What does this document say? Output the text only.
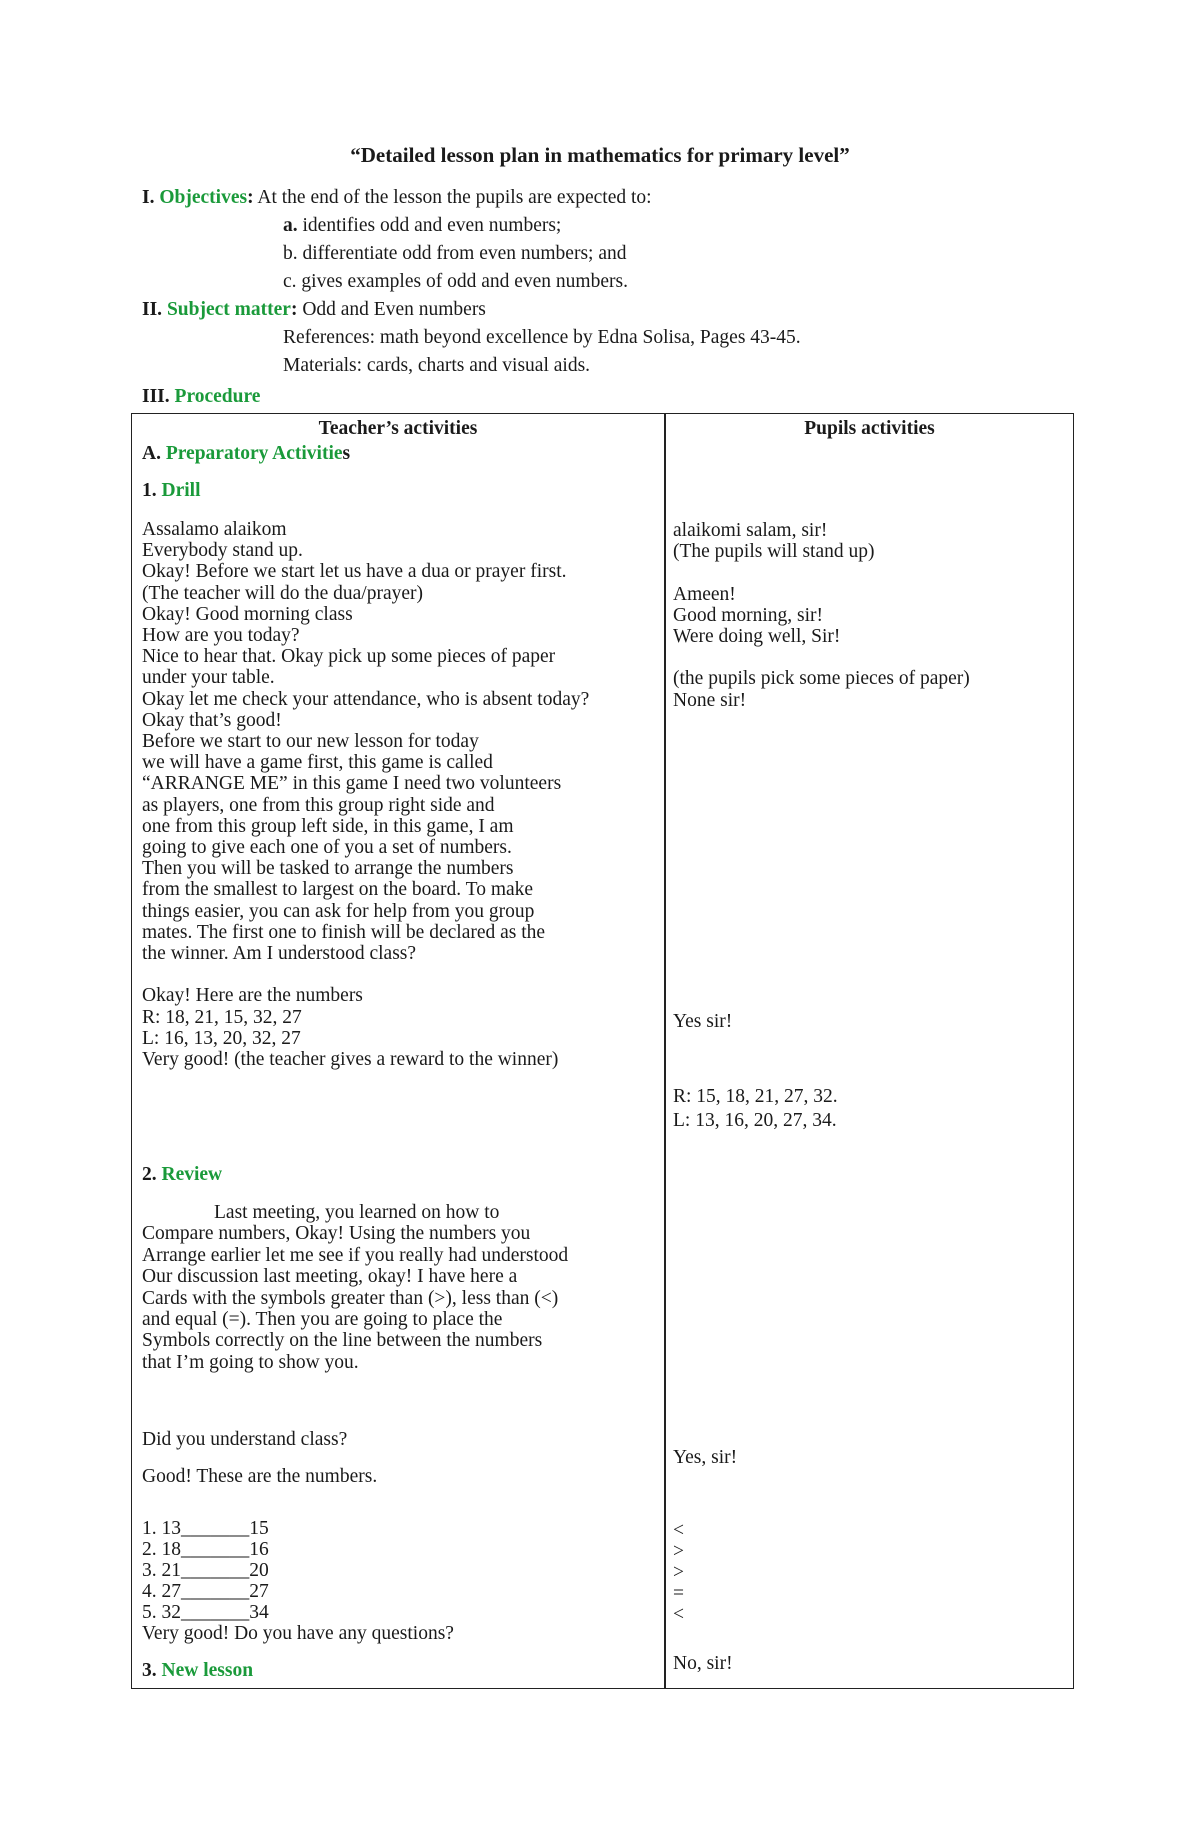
“Detailed lesson plan in mathematics for primary level”
I. Objectives: At the end of the lesson the pupils are expected to:
a. identifies odd and even numbers;
b. differentiate odd from even numbers; and
c. gives examples of odd and even numbers.
II. Subject matter: Odd and Even numbers
References: math beyond excellence by Edna Solisa, Pages 43-45.
Materials: cards, charts and visual aids.
III. Procedure
Teacher’s activities	Pupils activities
A. Preparatory Activities
1. Drill
Assalamo alaikom
Everybody stand up.
Okay! Before we start let us have a dua or prayer first.
(The teacher will do the dua/prayer)
Okay! Good morning class
How are you today?
Nice to hear that. Okay pick up some pieces of paper
under your table.
Okay let me check your attendance, who is absent today?
Okay that’s good!
Before we start to our new lesson for today
we will have a game first, this game is called
“ARRANGE ME” in this game I need two volunteers
as players, one from this group right side and
one from this group left side, in this game, I am
going to give each one of you a set of numbers.
Then you will be tasked to arrange the numbers
from the smallest to largest on the board. To make
things easier, you can ask for help from you group
mates. The first one to finish will be declared as the
the winner. Am I understood class?
Okay! Here are the numbers
R: 18, 21, 15, 32, 27
L: 16, 13, 20, 32, 27
Very good! (the teacher gives a reward to the winner)
2. Review
Last meeting, you learned on how to
Compare numbers, Okay! Using the numbers you
Arrange earlier let me see if you really had understood
Our discussion last meeting, okay! I have here a
Cards with the symbols greater than (>), less than (<)
and equal (=). Then you are going to place the
Symbols correctly on the line between the numbers
that I’m going to show you.
Did you understand class?
Good! These are the numbers.
1. 13_______15
2. 18_______16
3. 21_______20
4. 27_______27
5. 32_______34
Very good! Do you have any questions?
3. New lesson
alaikomi salam, sir!
(The pupils will stand up)
Ameen!
Good morning, sir!
Were doing well, Sir!
(the pupils pick some pieces of paper)
None sir!
Yes sir!
R: 15, 18, 21, 27, 32.
L: 13, 16, 20, 27, 34.
Yes, sir!
<
>
>
=
<
No, sir!
